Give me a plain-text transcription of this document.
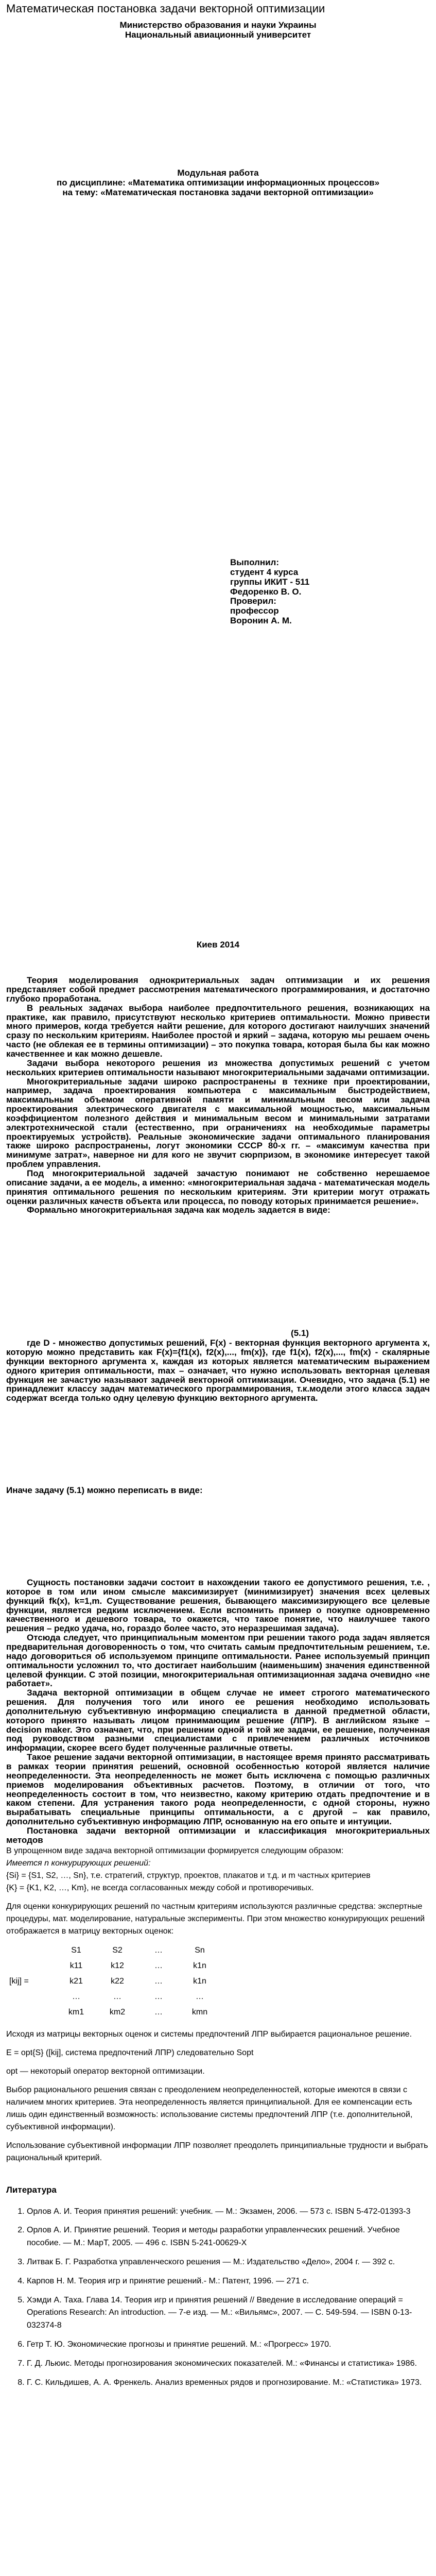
Математическая постановка задачи векторной оптимизации
Министерство образования и науки Украины
Национальный авиационный университет
Модульная работа
по дисциплине: «Математика оптимизации информационных процессов»
на тему: «Математическая постановка задачи векторной оптимизации»
Выполнил:
студент 4 курса
группы ИКИТ - 511
Федоренко В. О.
Проверил:
профессор
Воронин А. М.
Киев 2014

Теория моделирования однокритериальных задач оптимизации и их решения представляет собой предмет рассмотрения математического программирования, и достаточно глубоко проработана.

В реальных задачах выбора наиболее предпочтительного решения, возникающих на практике, как правило, присутствуют несколько критериев оптимальности. Можно привести много примеров, когда требуется найти решение, для которого достигают наилучших значений сразу по нескольким критериям. Наиболее простой и яркий – задача, которую мы решаем очень часто (не облекая ее в термины оптимизации) – это покупка товара, которая была бы как можно качественнее и как можно дешевле.

Задачи выбора некоторого решения из множества допустимых решений с учетом нескольких критериев оптимальности называют многокритериальными задачами оптимизации.

Многокритериальные задачи широко распространены в технике при проектировании, например, задача проектирования компьютера с максимальным быстродействием, максимальным объемом оперативной памяти и минимальным весом или задача проектирования электрического двигателя с максимальной мощностью, максимальным коэффициентом полезного действия и минимальным весом и минимальными затратами электротехнической стали (естественно, при ограничениях на необходимые параметры проектируемых устройств). Реальные экономические задачи оптимального планирования также широко распространены, логут экономики СССР 80-х гг. – «максимум качества при минимуме затрат», наверное ни для кого не звучит сюрпризом, в экономике интересует такой проблем управления.

Под многокритериальной задачей зачастую понимают не собственно нерешаемое описание задачи, а ее модель, а именно: «многокритериальная задача - математическая модель принятия оптимального решения по нескольким критериям. Эти критерии могут отражать оценки различных качеств объекта или процесса, по поводу которых принимается решение».

Формально многокритериальная задача как модель задается в виде:

(5.1)

где D - множество допустимых решений, F(x) - векторная функция векторного аргумента x, которую можно представить как F(x)={f1(x), f2(x),..., fm(x)}, где f1(x), f2(x),..., fm(x) - скалярные функции векторного аргумента x, каждая из которых является математическим выражением одного критерия оптимальности, max – означает, что нужно использовать векторная целевая функция не зачастую называют задачей векторной оптимизации. Очевидно, что задача (5.1) не принадлежит классу задач математического программирования, т.к.модели этого класса задач содержат всегда только одну целевую функцию векторного аргумента.

Иначе задачу (5.1) можно переписать в виде:

Сущность постановки задачи состоит в нахождении такого ее допустимого решения, т.е. , которое в том или ином смысле максимизирует (минимизирует) значения всех целевых функций fk(x), k=1,m. Существование решения, бывающего максимизирующего все целевые функции, является редким исключением. Если вспомнить пример о покупке одновременно качественного и дешевого товара, то окажется, что такое понятие, что наилучшее такого решения – редко удача, но, гораздо более часто, это неразрешимая задача).

Отсюда следует, что принципиальным моментом при решении такого рода задач является предварительная договоренность о том, что считать самым предпочтительным решением, т.е. надо договориться об используемом принципе оптимальности. Ранее используемый принцип оптимальности усложнил то, что достигает наибольшим (наименьшим) значения единственной целевой функции. С этой позиции, многокритериальная оптимизационная задача очевидно «не работает».

Задача векторной оптимизации в общем случае не имеет строгого математического решения. Для получения того или иного ее решения необходимо использовать дополнительную субъективную информацию специалиста в данной предметной области, которого принято называть лицом принимающим решение (ЛПР). В английском языке – decision maker. Это означает, что, при решении одной и той же задачи, ее решение, полученная под руководством разными специалистами с привлечением различных источников информации, скорее всего будет полученные различные ответы.

Такое решение задачи векторной оптимизации, в настоящее время принято рассматривать в рамках теории принятия решений, основной особенностью которой является наличие неопределенности. Эта неопределенность не может быть исключена с помощью различных приемов моделирования объективных расчетов. Поэтому, в отличии от того, что неопределенность состоит в том, что неизвестно, какому критерию отдать предпочтение и в каком степени. Для устранения такого рода неопределенности, с одной стороны, нужно вырабатывать специальные принципы оптимальности, а с другой – как правило, дополнительно субъективную информацию ЛПР, основанную на его опыте и интуиции.

Постановка задачи векторной оптимизации и классификация многокритериальных методов

В упрощенном виде задача векторной оптимизации формируется следующим образом:

Имеется n конкурирующих решений:

{Si} = {S1, S2, …, Sn}, т.е. стратегий, структур, проектов, плакатов и т.д. и m частных критериев

{K} = {K1, K2, …, Km}, не всегда согласованных между собой и противоречивых.

Для оценки конкурирующих решений по частным критериям используются различные средства: экспертные процедуры, мат. моделирование, натуральные эксперименты. При этом множество конкурирующих решений отображается в матрицу векторных оценок:

[kij] =
S1	S2	…	Sn
k11	k12	…	k1n
k21	k22	…	k1n
…	…	…	…
km1	km2	…	kmn

Исходя из матрицы векторных оценок и системы предпочтений ЛПР выбирается рациональное решение.

E = opt{S} ([kij], система предпочтений ЛПР) следовательно Sopt

opt — некоторый оператор векторной оптимизации.

Выбор рационального решения связан с преодолением неопределенностей, которые имеются в связи с наличием многих критериев. Эта неопределенность является принципиальной. Для ее компенсации есть лишь один единственный возможность: использование системы предпочтений ЛПР (т.е. дополнительной, субъективной информации).

Использование субъективной информации ЛПР позволяет преодолеть принципиальные трудности и выбрать рациональный критерий.

Литература
1. Орлов А. И. Теория принятия решений: учебник. — М.: Экзамен, 2006. — 573 с. ISBN 5-472-01393-3
2. Орлов А. И. Принятие решений. Теория и методы разработки управленческих решений. Учебное пособие. — М.: МарТ, 2005. — 496 с. ISBN 5-241-00629-X
3. Литвак Б. Г. Разработка управленческого решения — М.: Издательство «Дело», 2004 г. — 392 с.
4. Карпов Н. М. Теория игр и принятие решений.- М.: Патент, 1996. — 271 с.
5. Хэмди А. Таха. Глава 14. Теория игр и принятия решений // Введение в исследование операций = Operations Research: An introduction. — 7-е изд. — М.: «Вильямс», 2007. — С. 549-594. — ISBN 0-13-032374-8
6. Гетр Т. Ю. Экономические прогнозы и принятие решений. М.: «Прогресс» 1970.
7. Г. Д. Льюис. Методы прогнозирования экономических показателей. М.: «Финансы и статистика» 1986.
8. Г. С. Кильдишев, А. А. Френкель. Анализ временных рядов и прогнозирование. М.: «Статистика» 1973.
